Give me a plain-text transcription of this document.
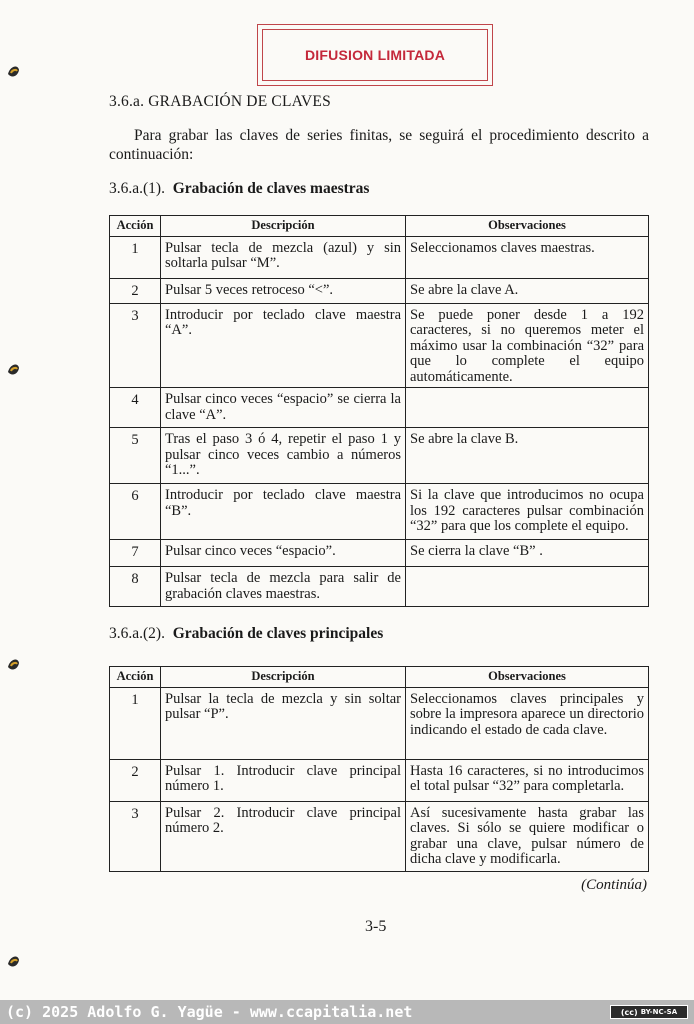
DIFUSION LIMITADA
3.6.a. GRABACIÓN DE CLAVES
Para grabar las claves de series finitas, se seguirá el procedimiento descrito a continuación:
3.6.a.(1). Grabación de claves maestras
Acción	Descripción	Observaciones
1	Pulsar tecla de mezcla (azul) y sin soltarla pulsar “M”.	Seleccionamos claves maestras.
2	Pulsar 5 veces retroceso “<”.	Se abre la clave A.
3	Introducir por teclado clave maestra “A”.	Se puede poner desde 1 a 192 caracteres, si no queremos meter el máximo usar la combinación “32” para que lo complete el equipo automáticamente.
4	Pulsar cinco veces “espacio” se cierra la clave “A”.	
5	Tras el paso 3 ó 4, repetir el paso 1 y pulsar cinco veces cambio a números “1...”.	Se abre la clave B.
6	Introducir por teclado clave maestra “B”.	Si la clave que introducimos no ocupa los 192 caracteres pulsar combinación “32” para que los complete el equipo.
7	Pulsar cinco veces “espacio”.	Se cierra la clave “B” .
8	Pulsar tecla de mezcla para salir de grabación claves maestras.	
3.6.a.(2). Grabación de claves principales
Acción	Descripción	Observaciones
1	Pulsar la tecla de mezcla y sin soltar pulsar “P”.	Seleccionamos claves principales y sobre la impresora aparece un directorio indicando el estado de cada clave.
2	Pulsar 1. Introducir clave principal número 1.	Hasta 16 caracteres, si no introducimos el total pulsar “32” para completarla.
3	Pulsar 2. Introducir clave principal número 2.	Así sucesivamente hasta grabar las claves. Si sólo se quiere modificar o grabar una clave, pulsar número de dicha clave y modificarla.
(Continúa)
3-5
(c) 2025 Adolfo G. Yagüe - www.ccapitalia.net	(cc) BY-NC-SA
